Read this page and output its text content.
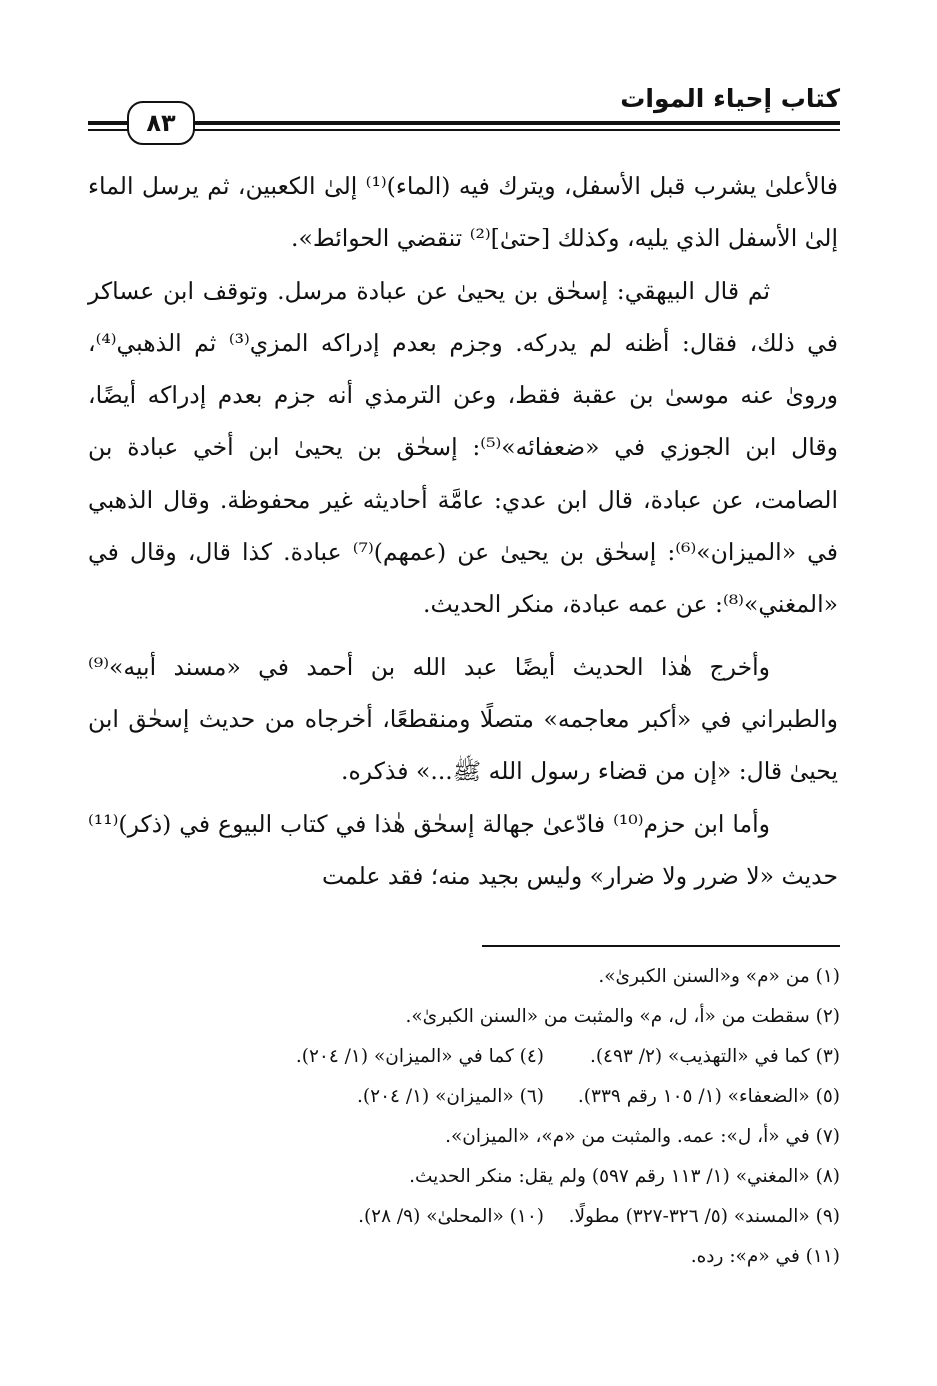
كتاب إحياء الموات
٨٣

فالأعلىٰ يشرب قبل الأسفل، ويترك فيه (الماء)⁽¹⁾ إلىٰ الكعبين، ثم يرسل الماء إلىٰ الأسفل الذي يليه، وكذلك [حتىٰ]⁽²⁾ تنقضي الحوائط».

ثم قال البيهقي: إسحٰق بن يحيىٰ عن عبادة مرسل. وتوقف ابن عساكر في ذلك، فقال: أظنه لم يدركه. وجزم بعدم إدراكه المزي⁽³⁾ ثم الذهبي⁽⁴⁾، وروىٰ عنه موسىٰ بن عقبة فقط، وعن الترمذي أنه جزم بعدم إدراكه أيضًا، وقال ابن الجوزي في «ضعفائه»⁽⁵⁾: إسحٰق بن يحيىٰ ابن أخي عبادة بن الصامت، عن عبادة، قال ابن عدي: عامَّة أحاديثه غير محفوظة. وقال الذهبي في «الميزان»⁽⁶⁾: إسحٰق بن يحيىٰ عن (عمهم)⁽⁷⁾ عبادة. كذا قال، وقال في «المغني»⁽⁸⁾: عن عمه عبادة، منكر الحديث.

وأخرج هٰذا الحديث أيضًا عبد الله بن أحمد في «مسند أبيه»⁽⁹⁾ والطبراني في «أكبر معاجمه» متصلًا ومنقطعًا، أخرجاه من حديث إسحٰق ابن يحيىٰ قال: «إن من قضاء رسول الله ﷺ...» فذكره.

وأما ابن حزم⁽¹⁰⁾ فادّعىٰ جهالة إسحٰق هٰذا في كتاب البيوع في (ذكر)⁽¹¹⁾ حديث «لا ضرر ولا ضرار» وليس بجيد منه؛ فقد علمت

(١) من «م» و«السنن الكبرىٰ».
(٢) سقطت من «أ، ل، م» والمثبت من «السنن الكبرىٰ».
(٣) كما في «التهذيب» (٢/ ٤٩٣).(٤) كما في «الميزان» (١/ ٢٠٤).
(٥) «الضعفاء» (١/ ١٠٥ رقم ٣٣٩).(٦) «الميزان» (١/ ٢٠٤).
(٧) في «أ، ل»: عمه. والمثبت من «م»، «الميزان».
(٨) «المغني» (١/ ١١٣ رقم ٥٩٧) ولم يقل: منكر الحديث.
(٩) «المسند» (٥/ ٣٢٦-٣٢٧) مطولًا.(١٠) «المحلىٰ» (٩/ ٢٨).
(١١) في «م»: رده.
